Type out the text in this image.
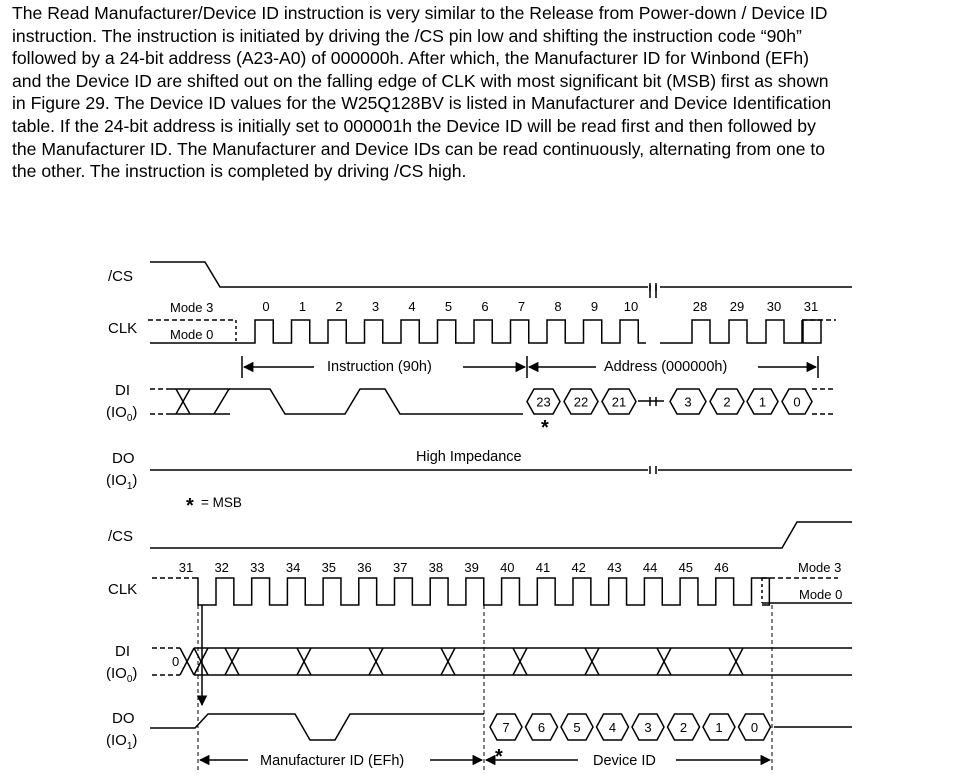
The Read Manufacturer/Device ID instruction is very similar to the Release from Power-down / Device ID

instruction. The instruction is initiated by driving the /CS pin low and shifting the instruction code “90h”

followed by a 24-bit address (A23-A0) of 000000h. After which, the Manufacturer ID for Winbond (EFh)

and the Device ID are shifted out on the falling edge of CLK with most significant bit (MSB) first as shown

in Figure 29. The Device ID values for the W25Q128BV is listed in Manufacturer and Device Identification

table. If the 24-bit address is initially set to 000001h the Device ID will be read first and then followed by

the Manufacturer ID. The Manufacturer and Device IDs can be read continuously, alternating from one to

the other. The instruction is completed by driving /CS high.

/CS
CLK
DI
$(IO_0)$
DO
$(IO_1)$
/CS
CLK
DI
$(IO_0)$
DO
$(IO_1)$
Mode 3
Mode 0
Mode 3
Mode 0
Instruction (90h)	Address (000000h)
High Impedance
= MSB
Manufacturer ID (EFh)	Device ID
*
*
*
0
0 1 2 3 4 5 6 7 8 9 10	28 29 30 31
23 22 21	3 2 1 0
31 32 33 34 35 36 37 38 39 40 41 42 43 44 45 46
7 6 5 4 3 2 1 0
